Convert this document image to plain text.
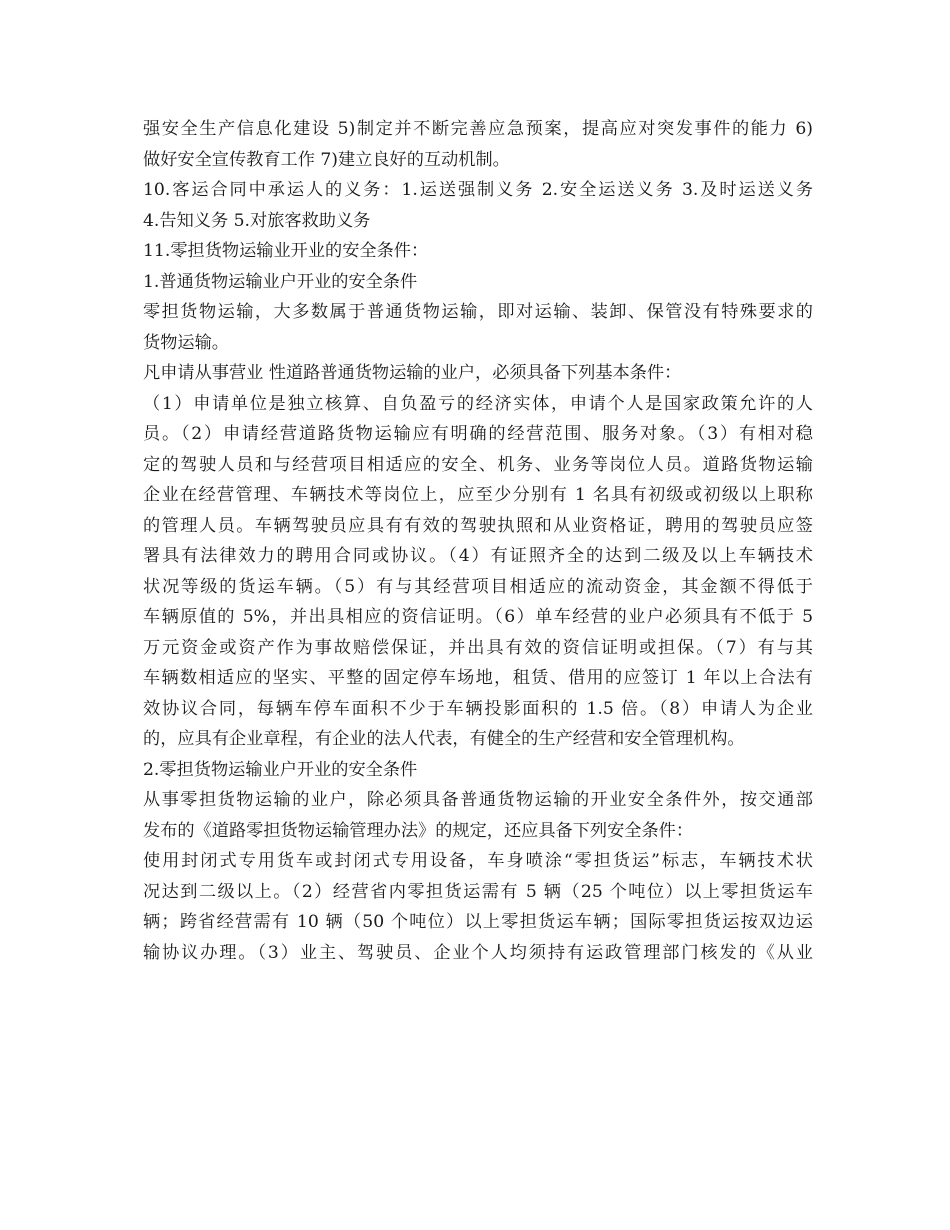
强安全生产信息化建设 5)制定并不断完善应急预案，提高应对突发事件的能力 6)
做好安全宣传教育工作 7)建立良好的互动机制。
10.客运合同中承运人的义务：1.运送强制义务 2.安全运送义务 3.及时运送义务
4.告知义务 5.对旅客救助义务
11.零担货物运输业开业的安全条件：
1.普通货物运输业户开业的安全条件
零担货物运输，大多数属于普通货物运输，即对运输、装卸、保管没有特殊要求的
货物运输。
凡申请从事营业 性道路普通货物运输的业户，必须具备下列基本条件：
（1）申请单位是独立核算、自负盈亏的经济实体，申请个人是国家政策允许的人
员。（2）申请经营道路货物运输应有明确的经营范围、服务对象。（3）有相对稳
定的驾驶人员和与经营项目相适应的安全、机务、业务等岗位人员。道路货物运输
企业在经营管理、车辆技术等岗位上，应至少分别有 1 名具有初级或初级以上职称
的管理人员。车辆驾驶员应具有有效的驾驶执照和从业资格证，聘用的驾驶员应签
署具有法律效力的聘用合同或协议。（4）有证照齐全的达到二级及以上车辆技术
状况等级的货运车辆。（5）有与其经营项目相适应的流动资金，其金额不得低于
车辆原值的 5%，并出具相应的资信证明。（6）单车经营的业户必须具有不低于 5
万元资金或资产作为事故赔偿保证，并出具有效的资信证明或担保。（7）有与其
车辆数相适应的坚实、平整的固定停车场地，租赁、借用的应签订 1 年以上合法有
效协议合同，每辆车停车面积不少于车辆投影面积的 1.5 倍。（8）申请人为企业
的，应具有企业章程，有企业的法人代表，有健全的生产经营和安全管理机构。
2.零担货物运输业户开业的安全条件
从事零担货物运输的业户，除必须具备普通货物运输的开业安全条件外，按交通部
发布的《道路零担货物运输管理办法》的规定，还应具备下列安全条件：
使用封闭式专用货车或封闭式专用设备，车身喷涂“零担货运”标志，车辆技术状
况达到二级以上。（2）经营省内零担货运需有 5 辆（25 个吨位）以上零担货运车
辆；跨省经营需有 10 辆（50 个吨位）以上零担货运车辆；国际零担货运按双边运
输协议办理。（3）业主、驾驶员、企业个人均须持有运政管理部门核发的《从业
